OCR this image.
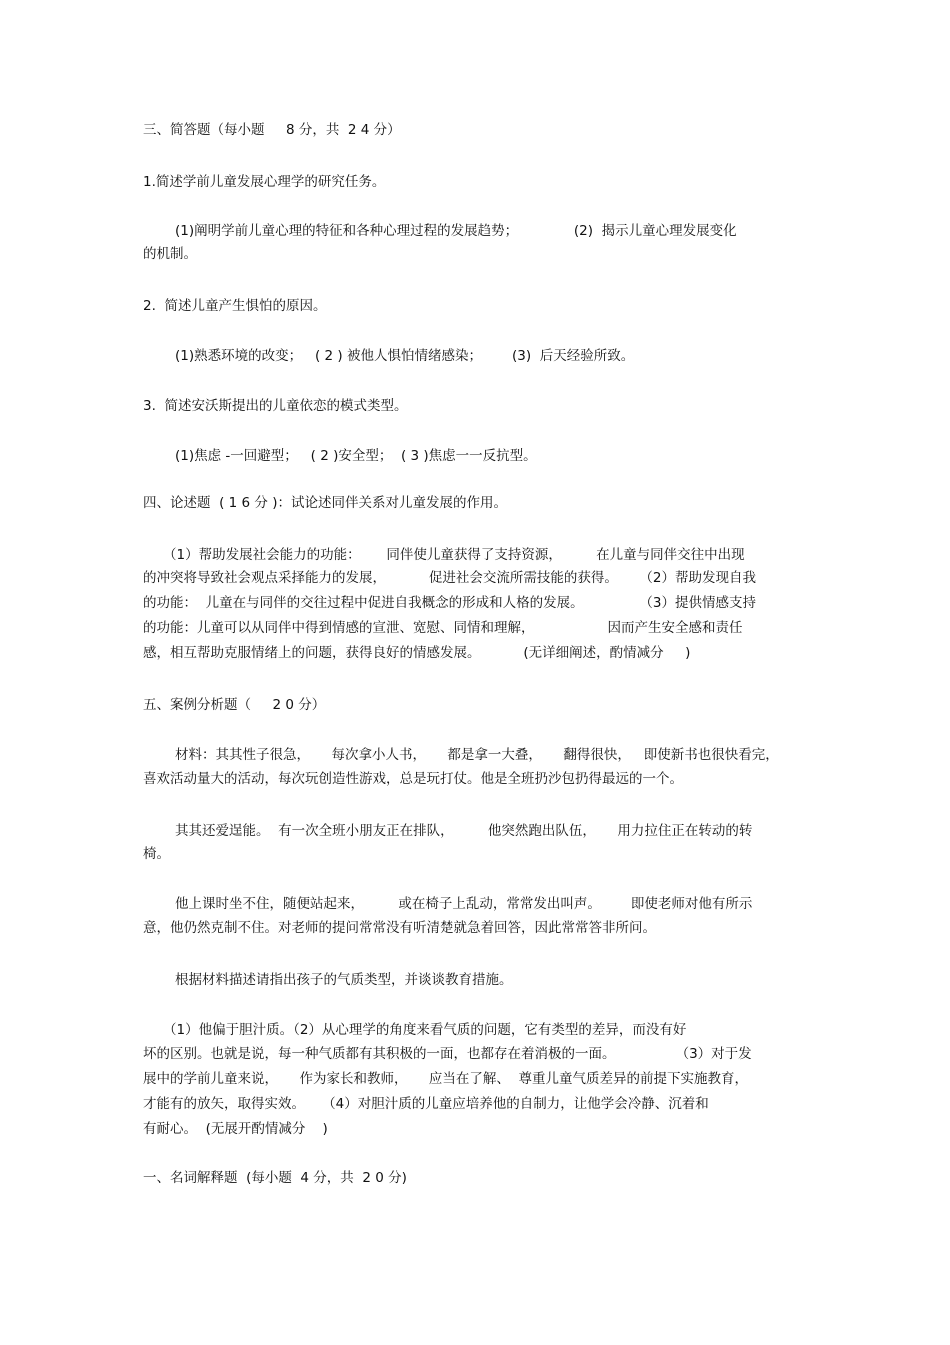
三、简答题（每小题     8 分，共  2 4 分）
1.简述学前儿童发展心理学的研究任务。
(1)阐明学前儿童心理的特征和各种心理过程的发展趋势；             (2)  揭示儿童心理发展变化
的机制。
2.  简述儿童产生惧怕的原因。
(1)熟悉环境的改变；   ( 2 ) 被他人惧怕情绪感染；       (3)  后天经验所致。
3.  简述安沃斯提出的儿童依恋的模式类型。
(1)焦虑 -一回避型；   ( 2 )安全型；  ( 3 )焦虑一一反抗型。
四、论述题  ( 1 6 分 )：试论述同伴关系对儿童发展的作用。
（1）帮助发展社会能力的功能：      同伴使儿童获得了支持资源，        在儿童与同伴交往中出现
的冲突将导致社会观点采择能力的发展，          促进社会交流所需技能的获得。     （2）帮助发现自我
的功能：  儿童在与同伴的交往过程中促进自我概念的形成和人格的发展。             （3）提供情感支持
的功能：儿童可以从同伴中得到情感的宣泄、宽慰、同情和理解，                 因而产生安全感和责任
感，相互帮助克服情绪上的问题，获得良好的情感发展。          (无详细阐述，酌情减分     )
五、案例分析题（     2 0 分）
材料：其其性子很急，     每次拿小人书，     都是拿一大叠，     翻得很快，   即使新书也很快看完，
喜欢活动量大的活动，每次玩创造性游戏，总是玩打仗。他是全班扔沙包扔得最远的一个。
其其还爱逞能。  有一次全班小朋友正在排队，        他突然跑出队伍，     用力拉住正在转动的转
椅。
他上课时坐不住，随便站起来，        或在椅子上乱动，常常发出叫声。       即使老师对他有所示
意，他仍然克制不住。对老师的提问常常没有听清楚就急着回答，因此常常答非所问。
根据材料描述请指出孩子的气质类型，并谈谈教育措施。
（1）他偏于胆汁质。（2）从心理学的角度来看气质的问题，它有类型的差异，而没有好
坏的区别。也就是说，每一种气质都有其积极的一面，也都存在着消极的一面。              （3）对于发
展中的学前儿童来说，     作为家长和教师，     应当在了解、  尊重儿童气质差异的前提下实施教育，
才能有的放矢，取得实效。    （4）对胆汁质的儿童应培养他的自制力，让他学会冷静、沉着和
有耐心。  (无展开酌情减分    )
一、名词解释题  (每小题  4 分，共  2 0 分)
